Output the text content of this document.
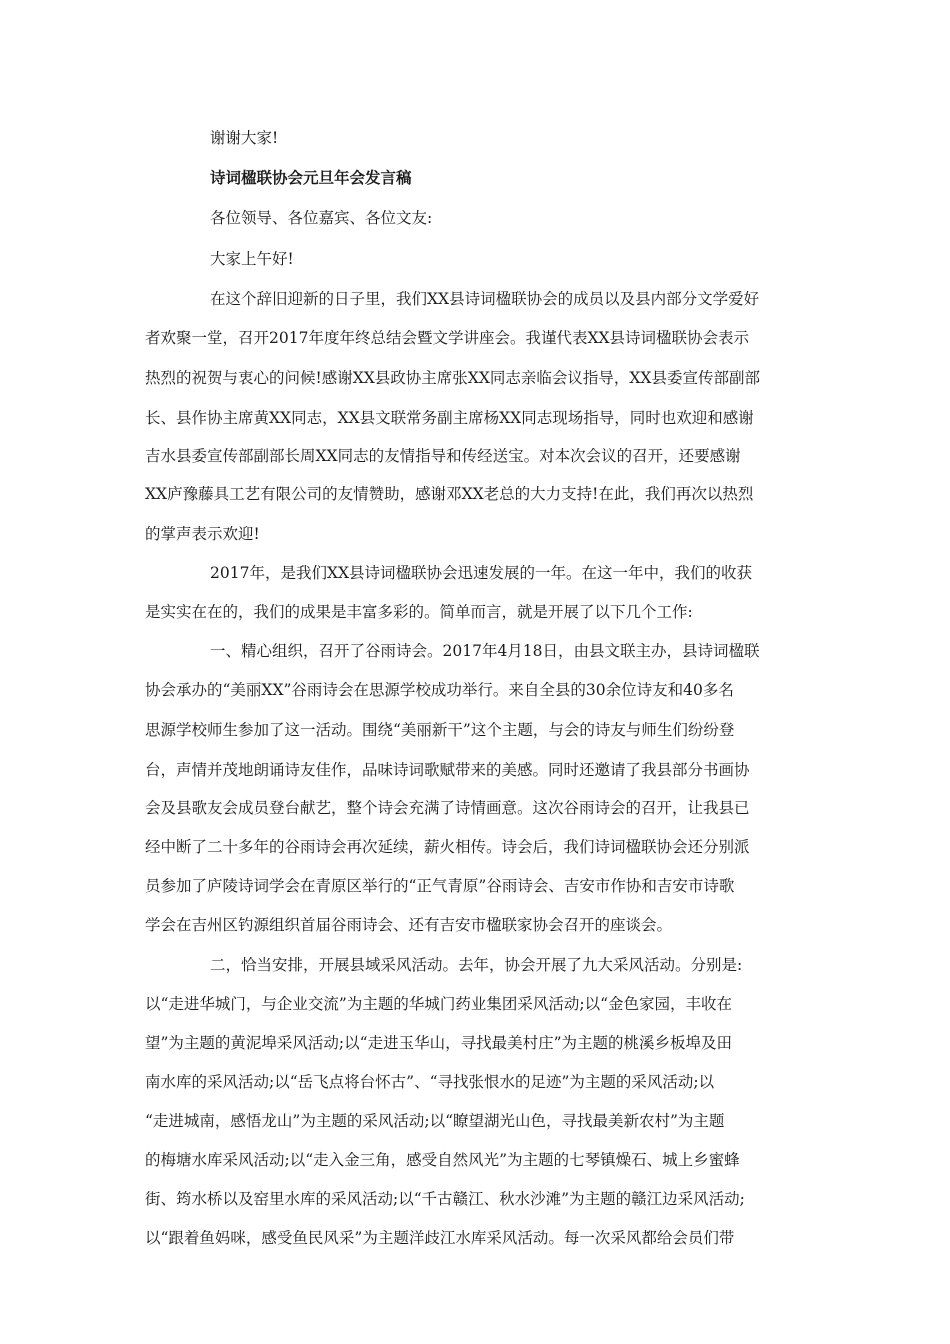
谢谢大家!
诗词楹联协会元旦年会发言稿
各位领导、各位嘉宾、各位文友:
大家上午好!
在这个辞旧迎新的日子里，我们XX县诗词楹联协会的成员以及县内部分文学爱好
者欢聚一堂，召开2017年度年终总结会暨文学讲座会。我谨代表XX县诗词楹联协会表示
热烈的祝贺与衷心的问候!感谢XX县政协主席张XX同志亲临会议指导，XX县委宣传部副部
长、县作协主席黄XX同志，XX县文联常务副主席杨XX同志现场指导，同时也欢迎和感谢
吉水县委宣传部副部长周XX同志的友情指导和传经送宝。对本次会议的召开，还要感谢
XX庐豫藤具工艺有限公司的友情赞助，感谢邓XX老总的大力支持!在此，我们再次以热烈
的掌声表示欢迎!
2017年，是我们XX县诗词楹联协会迅速发展的一年。在这一年中，我们的收获
是实实在在的，我们的成果是丰富多彩的。简单而言，就是开展了以下几个工作:
一、精心组织，召开了谷雨诗会。2017年4月18日，由县文联主办，县诗词楹联
协会承办的“美丽XX”谷雨诗会在思源学校成功举行。来自全县的30余位诗友和40多名
思源学校师生参加了这一活动。围绕“美丽新干”这个主题，与会的诗友与师生们纷纷登
台，声情并茂地朗诵诗友佳作，品味诗词歌赋带来的美感。同时还邀请了我县部分书画协
会及县歌友会成员登台献艺，整个诗会充满了诗情画意。这次谷雨诗会的召开，让我县已
经中断了二十多年的谷雨诗会再次延续，薪火相传。诗会后，我们诗词楹联协会还分别派
员参加了庐陵诗词学会在青原区举行的“正气青原”谷雨诗会、吉安市作协和吉安市诗歌
学会在吉州区钓源组织首届谷雨诗会、还有吉安市楹联家协会召开的座谈会。
二，恰当安排，开展县域采风活动。去年，协会开展了九大采风活动。分别是:
以“走进华城门，与企业交流”为主题的华城门药业集团采风活动;以“金色家园，丰收在
望”为主题的黄泥埠采风活动;以“走进玉华山，寻找最美村庄”为主题的桃溪乡板埠及田
南水库的采风活动;以“岳飞点将台怀古”、“寻找张恨水的足迹”为主题的采风活动;以
“走进城南，感悟龙山”为主题的采风活动;以“瞭望湖光山色，寻找最美新农村”为主题
的梅塘水库采风活动;以“走入金三角，感受自然风光”为主题的七琴镇燥石、城上乡蜜蜂
街、筠水桥以及窑里水库的采风活动;以“千古赣江、秋水沙滩”为主题的赣江边采风活动;
以“跟着鱼妈咪，感受鱼民风采”为主题洋歧江水库采风活动。每一次采风都给会员们带
